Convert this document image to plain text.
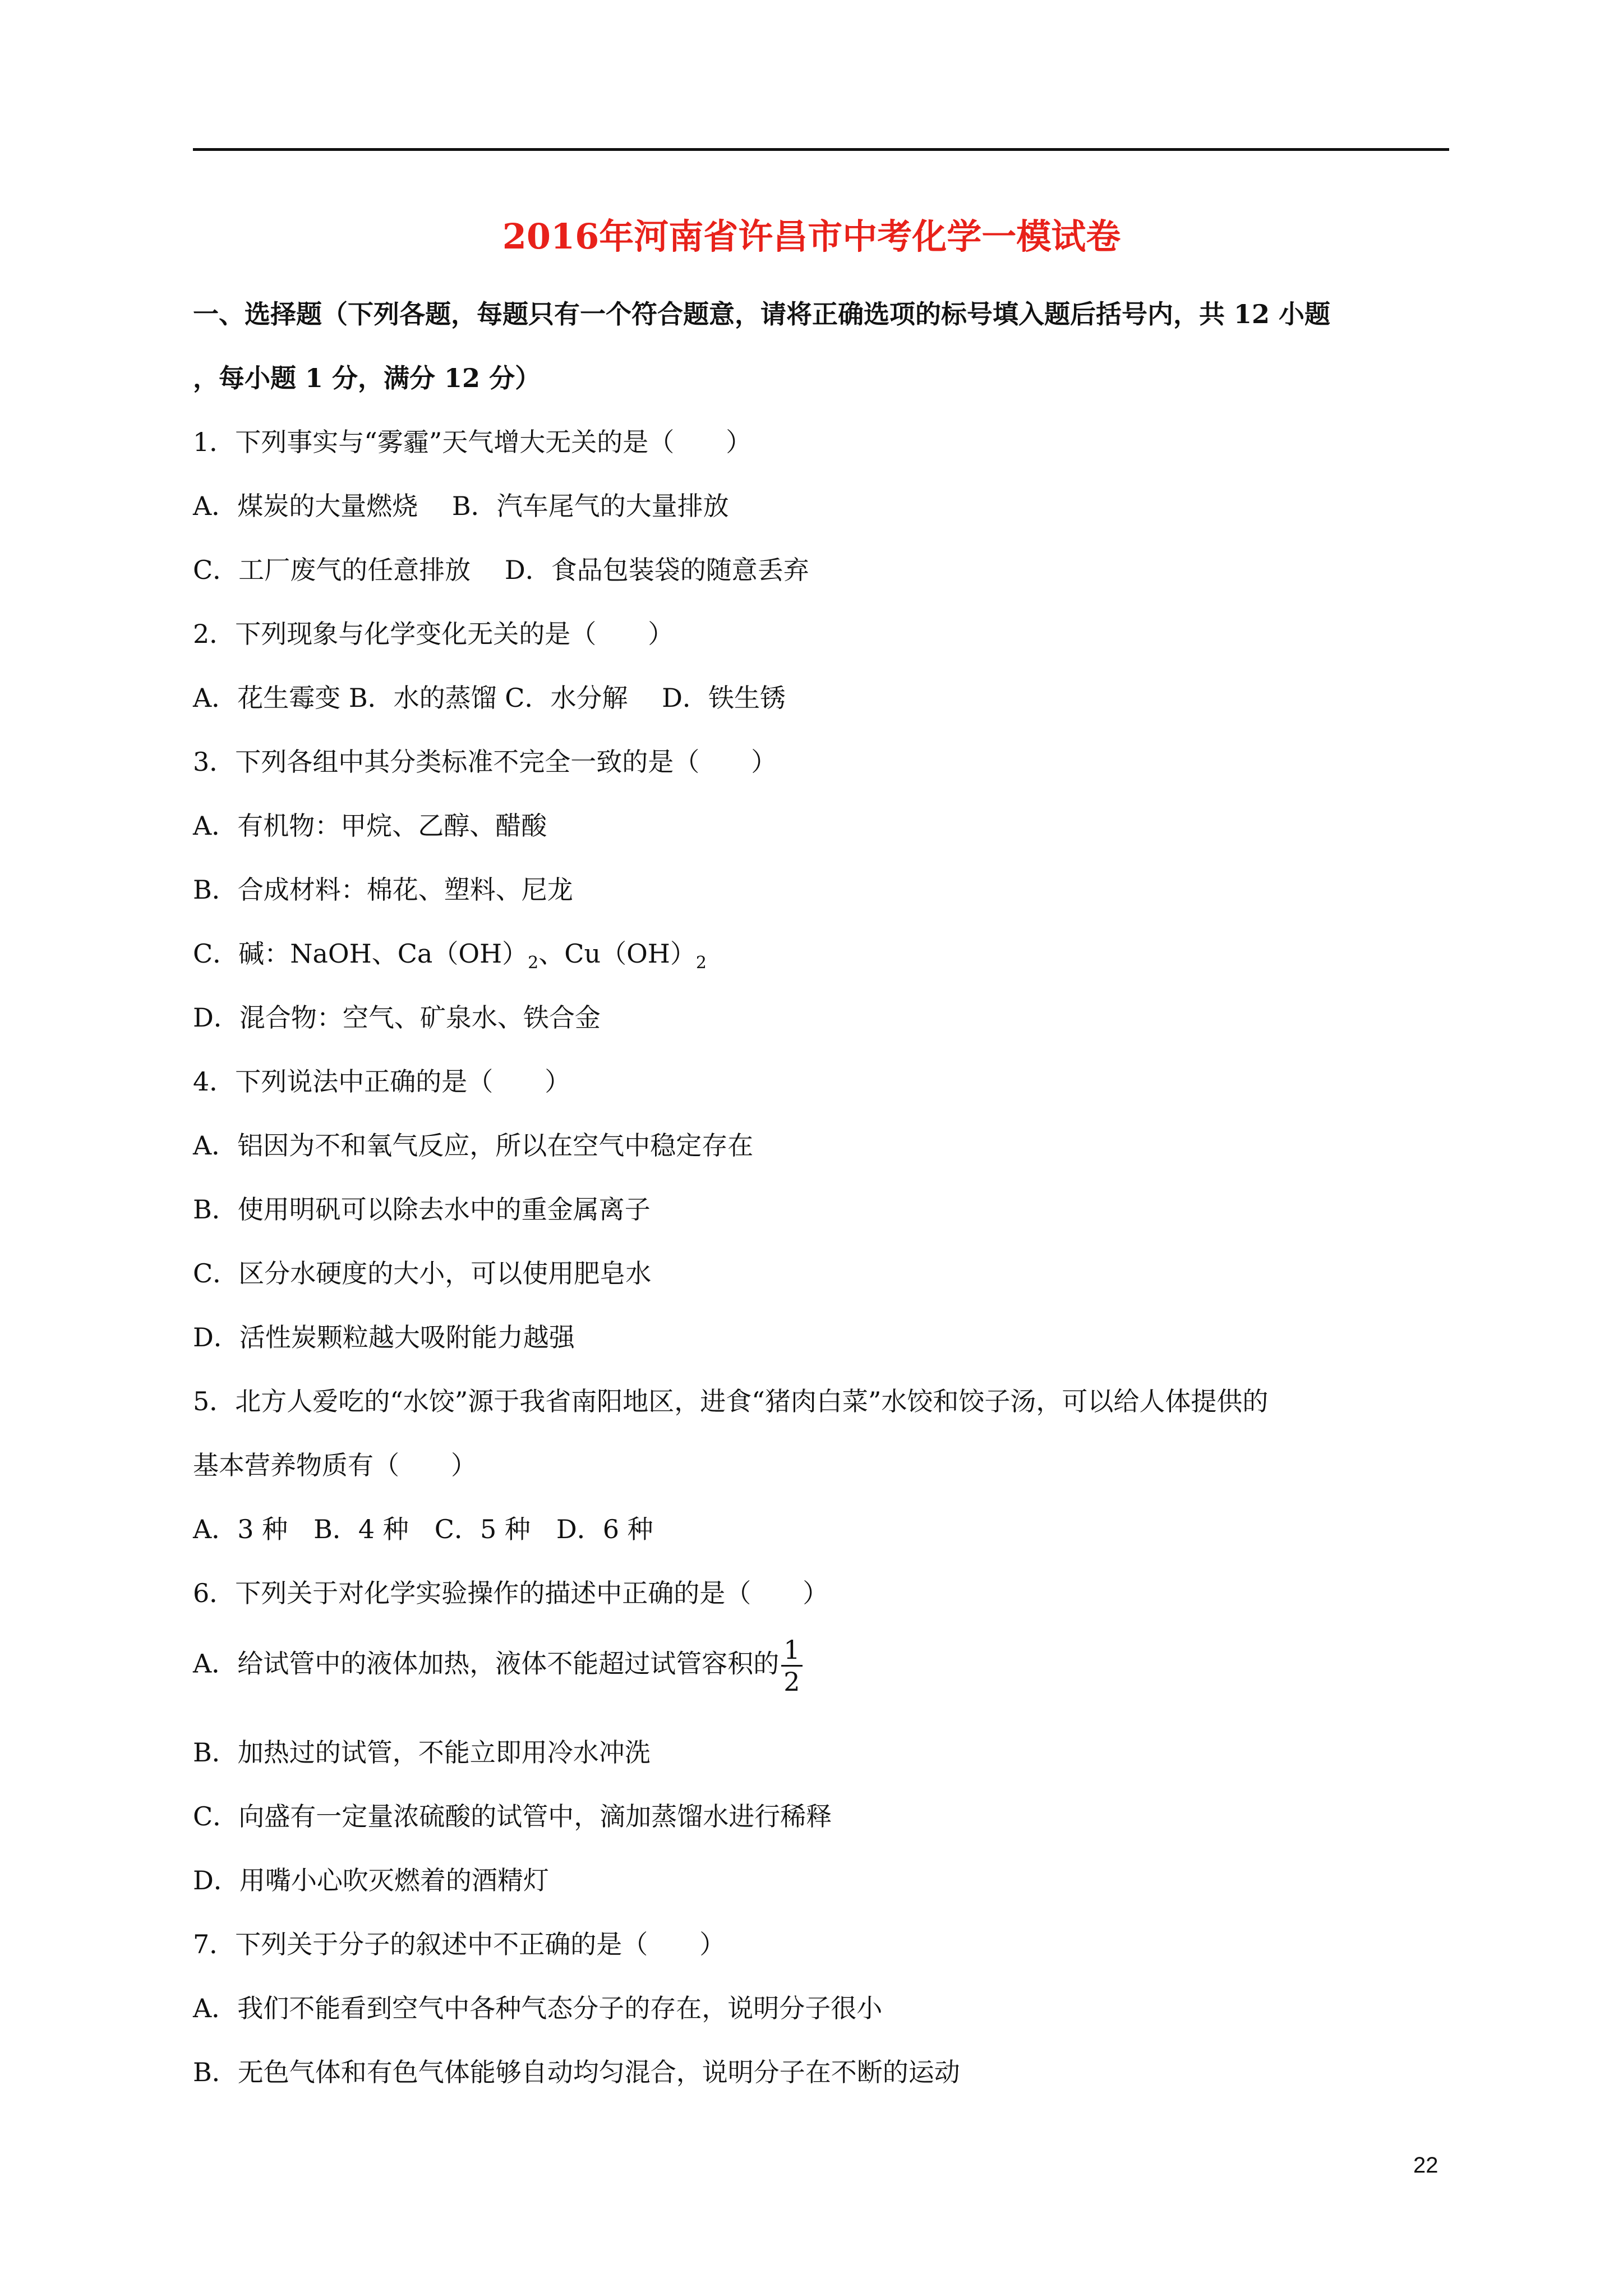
2016年河南省许昌市中考化学一模试卷
一、选择题（下列各题，每题只有一个符合题意，请将正确选项的标号填入题后括号内，共 12 小题
，每小题 1 分，满分 12 分）
1．下列事实与“雾霾”天气增大无关的是（　　）
A．煤炭的大量燃烧　 B．汽车尾气的大量排放
C．工厂废气的任意排放　 D．食品包装袋的随意丢弃
2．下列现象与化学变化无关的是（　　）
A．花生霉变 B．水的蒸馏 C．水分解　 D．铁生锈
3．下列各组中其分类标准不完全一致的是（　　）
A．有机物：甲烷、乙醇、醋酸
B．合成材料：棉花、塑料、尼龙
C．碱：NaOH、$Ca(OH)_2$、$Cu(OH)_2$
D．混合物：空气、矿泉水、铁合金
4．下列说法中正确的是（　　）
A．铝因为不和氧气反应，所以在空气中稳定存在
B．使用明矾可以除去水中的重金属离子
C．区分水硬度的大小，可以使用肥皂水
D．活性炭颗粒越大吸附能力越强
5．北方人爱吃的“水饺”源于我省南阳地区，进食“猪肉白菜”水饺和饺子汤，可以给人体提供的
基本营养物质有（　　）
A．3 种　B．4 种　C．5 种　D．6 种
6．下列关于对化学实验操作的描述中正确的是（　　）
A．给试管中的液体加热，液体不能超过试管容积的 $\frac{1}{2}$
B．加热过的试管，不能立即用冷水冲洗
C．向盛有一定量浓硫酸的试管中，滴加蒸馏水进行稀释
D．用嘴小心吹灭燃着的酒精灯
7．下列关于分子的叙述中不正确的是（　　）
A．我们不能看到空气中各种气态分子的存在，说明分子很小
B．无色气体和有色气体能够自动均匀混合，说明分子在不断的运动
22
